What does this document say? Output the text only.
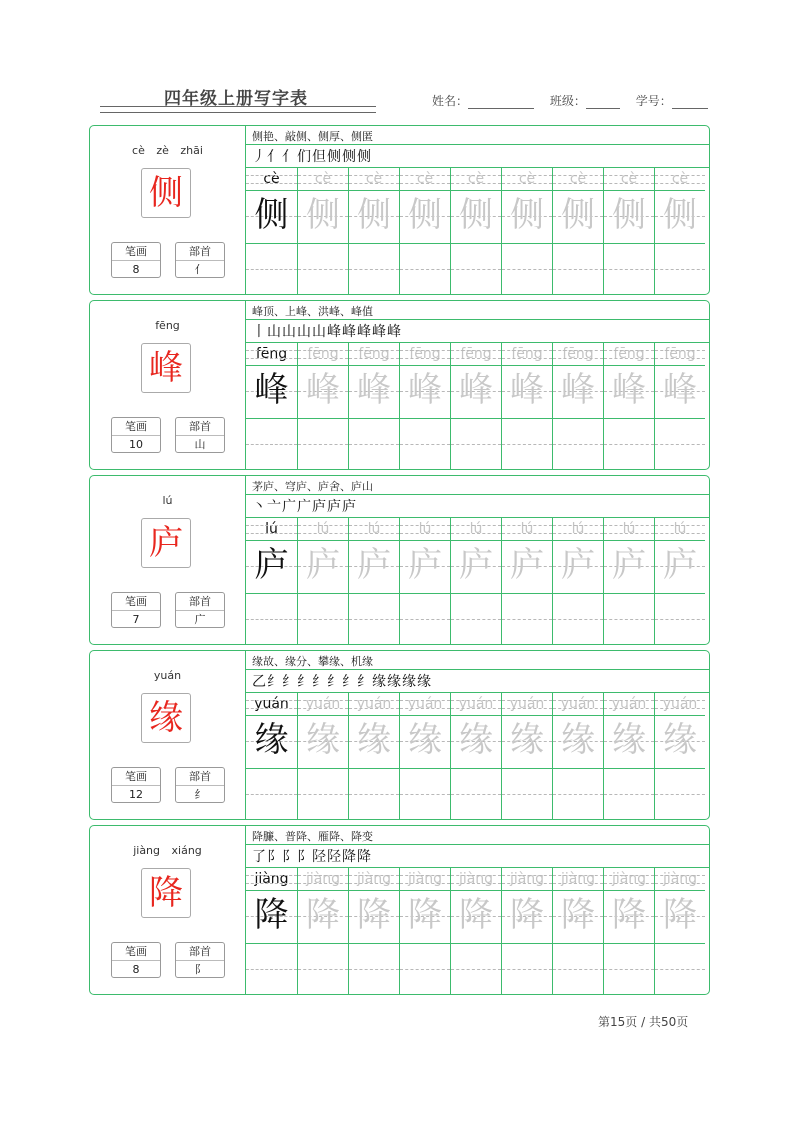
四年级上册写字表	姓名：	班级：	学号：
cè zè zhāi
侧
笔画
8
部首
亻
侧艳、敲侧、侧厚、侧匿
丿亻亻们但侧侧侧
cè
侧
cè
侧
cè
侧
cè
侧
cè
侧
cè
侧
cè
侧
cè
侧
cè
侧
fēng
峰
笔画
10
部首
山
峰顶、上峰、洪峰、峰值
丨山山山山峰峰峰峰峰
fēng
峰
fēng
峰
fēng
峰
fēng
峰
fēng
峰
fēng
峰
fēng
峰
fēng
峰
fēng
峰
lú
庐
笔画
7
部首
广
茅庐、穹庐、庐舍、庐山
丶亠广广庐庐庐
lú
庐
lú
庐
lú
庐
lú
庐
lú
庐
lú
庐
lú
庐
lú
庐
lú
庐
yuán
缘
笔画
12
部首
纟
缘故、缘分、攀缘、机缘
乙纟纟纟纟纟纟纟缘缘缘缘
yuán
缘
yuán
缘
yuán
缘
yuán
缘
yuán
缘
yuán
缘
yuán
缘
yuán
缘
yuán
缘
jiàng xiáng
降
笔画
8
部首
阝
降臁、普降、雁降、降变
了阝阝阝陉陉降降
jiàng
降
jiàng
降
jiàng
降
jiàng
降
jiàng
降
jiàng
降
jiàng
降
jiàng
降
jiàng
降
第15页 / 共50页
